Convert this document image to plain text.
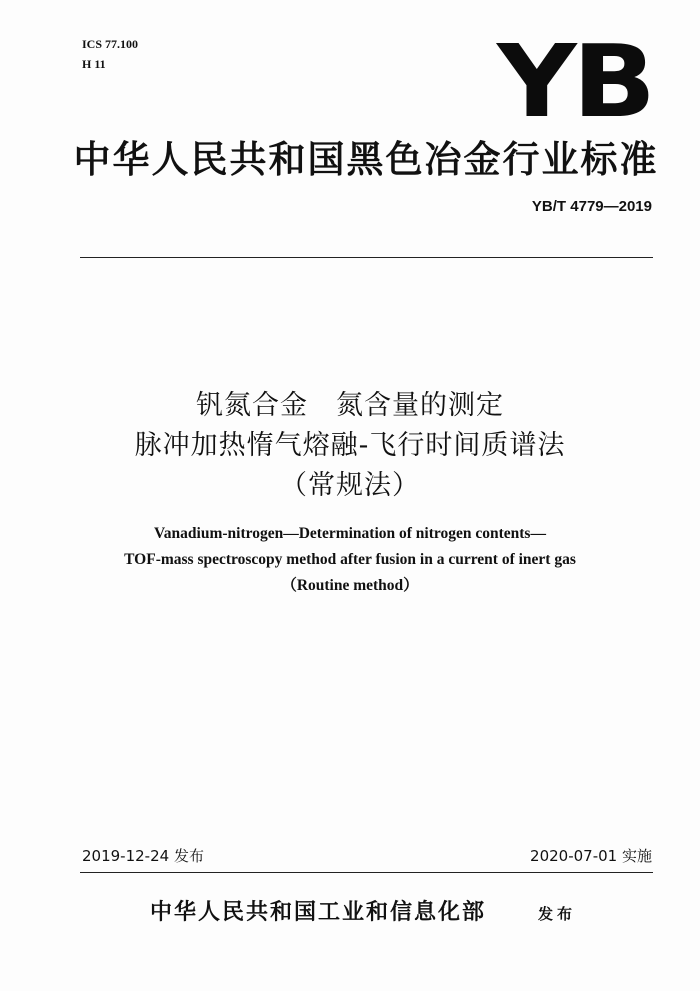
ICS 77.100
H 11	YB
中华人民共和国黑色冶金行业标准
YB/T 4779—2019
钒氮合金　氮含量的测定
脉冲加热惰气熔融-飞行时间质谱法
（常规法）
Vanadium-nitrogen—Determination of nitrogen contents—
TOF-mass spectroscopy method after fusion in a current of inert gas
（Routine method）
2019-12-24 发布	2020-07-01 实施
中华人民共和国工业和信息化部	发布
